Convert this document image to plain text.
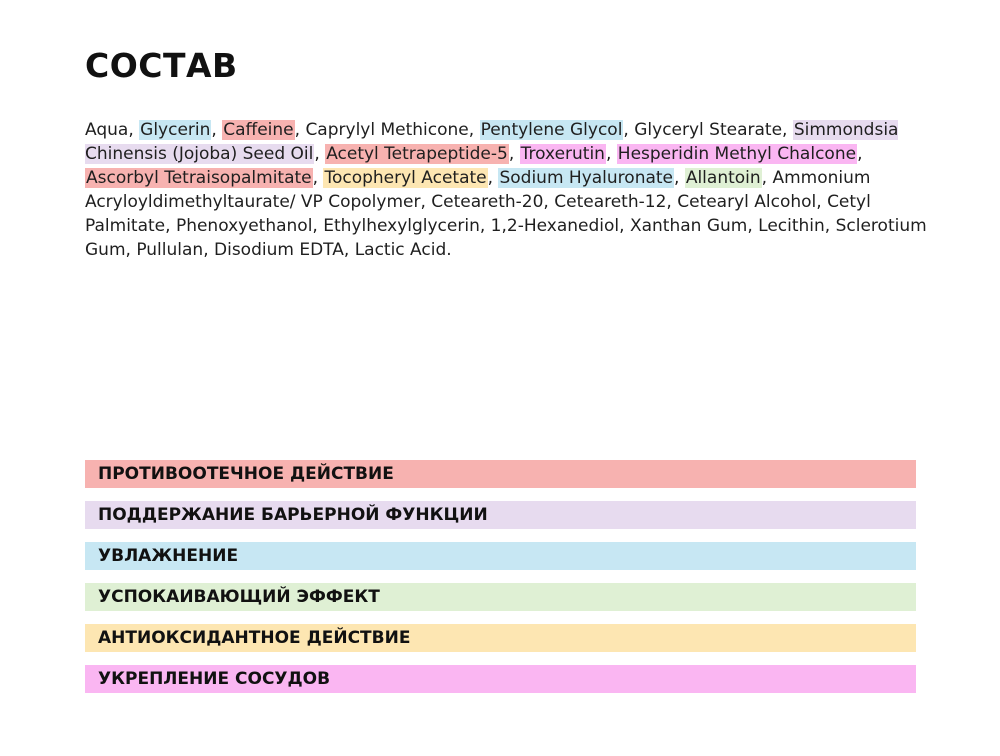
СОСТАВ

Aqua, Glycerin, Caffeine, Caprylyl Methicone, Pentylene Glycol, Glyceryl Stearate, Simmondsia Chinensis (Jojoba) Seed Oil, Acetyl Tetrapeptide-5, Troxerutin, Hesperidin Methyl Chalcone, Ascorbyl Tetraisopalmitate, Tocopheryl Acetate, Sodium Hyaluronate, Allantoin, Ammonium Acryloyldimethyltaurate/ VP Copolymer, Ceteareth-20, Ceteareth-12, Cetearyl Alcohol, Cetyl Palmitate, Phenoxyethanol, Ethylhexylglycerin, 1,2-Hexanediol, Xanthan Gum, Lecithin, Sclerotium Gum, Pullulan, Disodium EDTA, Lactic Acid.

ПРОТИВООТЕЧНОЕ ДЕЙСТВИЕ
ПОДДЕРЖАНИЕ БАРЬЕРНОЙ ФУНКЦИИ
УВЛАЖНЕНИЕ
УСПОКАИВАЮЩИЙ ЭФФЕКТ
АНТИОКСИДАНТНОЕ ДЕЙСТВИЕ
УКРЕПЛЕНИЕ СОСУДОВ
